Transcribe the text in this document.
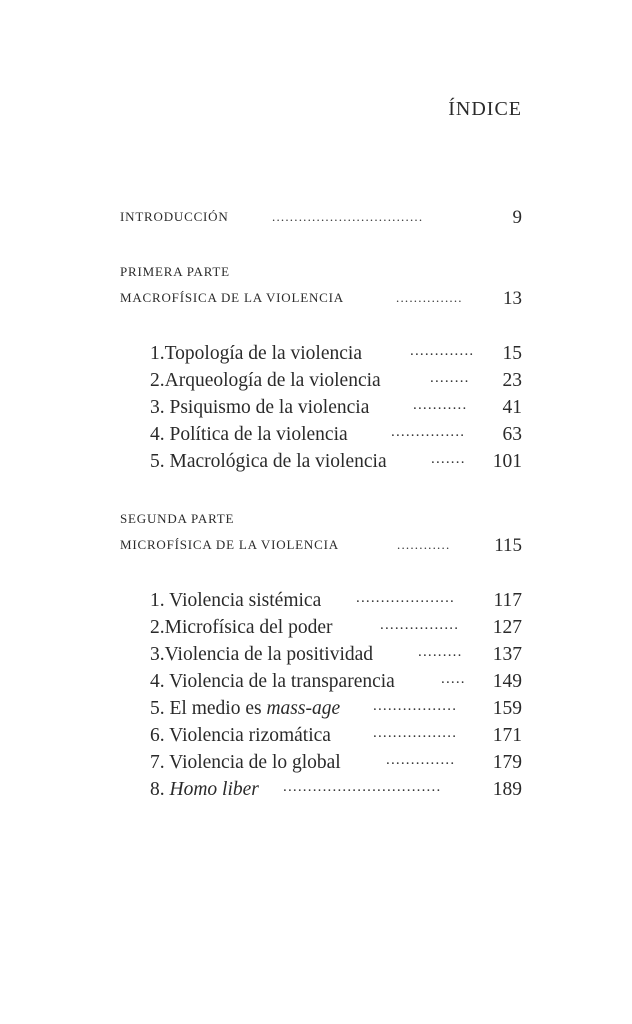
ÍNDICE
INTRODUCCIÓN	..................................	9
PRIMERA PARTE
MACROFÍSICA DE LA VIOLENCIA	...............	13
1.Topología de la violencia	............. 15
2.Arqueología de la violencia	........	23
3. Psiquismo de la violencia	...........	41
4. Política de la violencia	...............	63
5. Macrológica de la violencia	.......	101
SEGUNDA PARTE
MICROFÍSICA DE LA VIOLENCIA	............	115
1. Violencia sistémica ....................	117
2.Microfísica del poder	................	127
3.Violencia de la positividad	.........	137
4. Violencia de la transparencia	..... 149
5. El medio es mass-age .................	159
6. Violencia rizomática	.................	171
7. Violencia de lo global	..............	179
8. Homo liber ................................	189
